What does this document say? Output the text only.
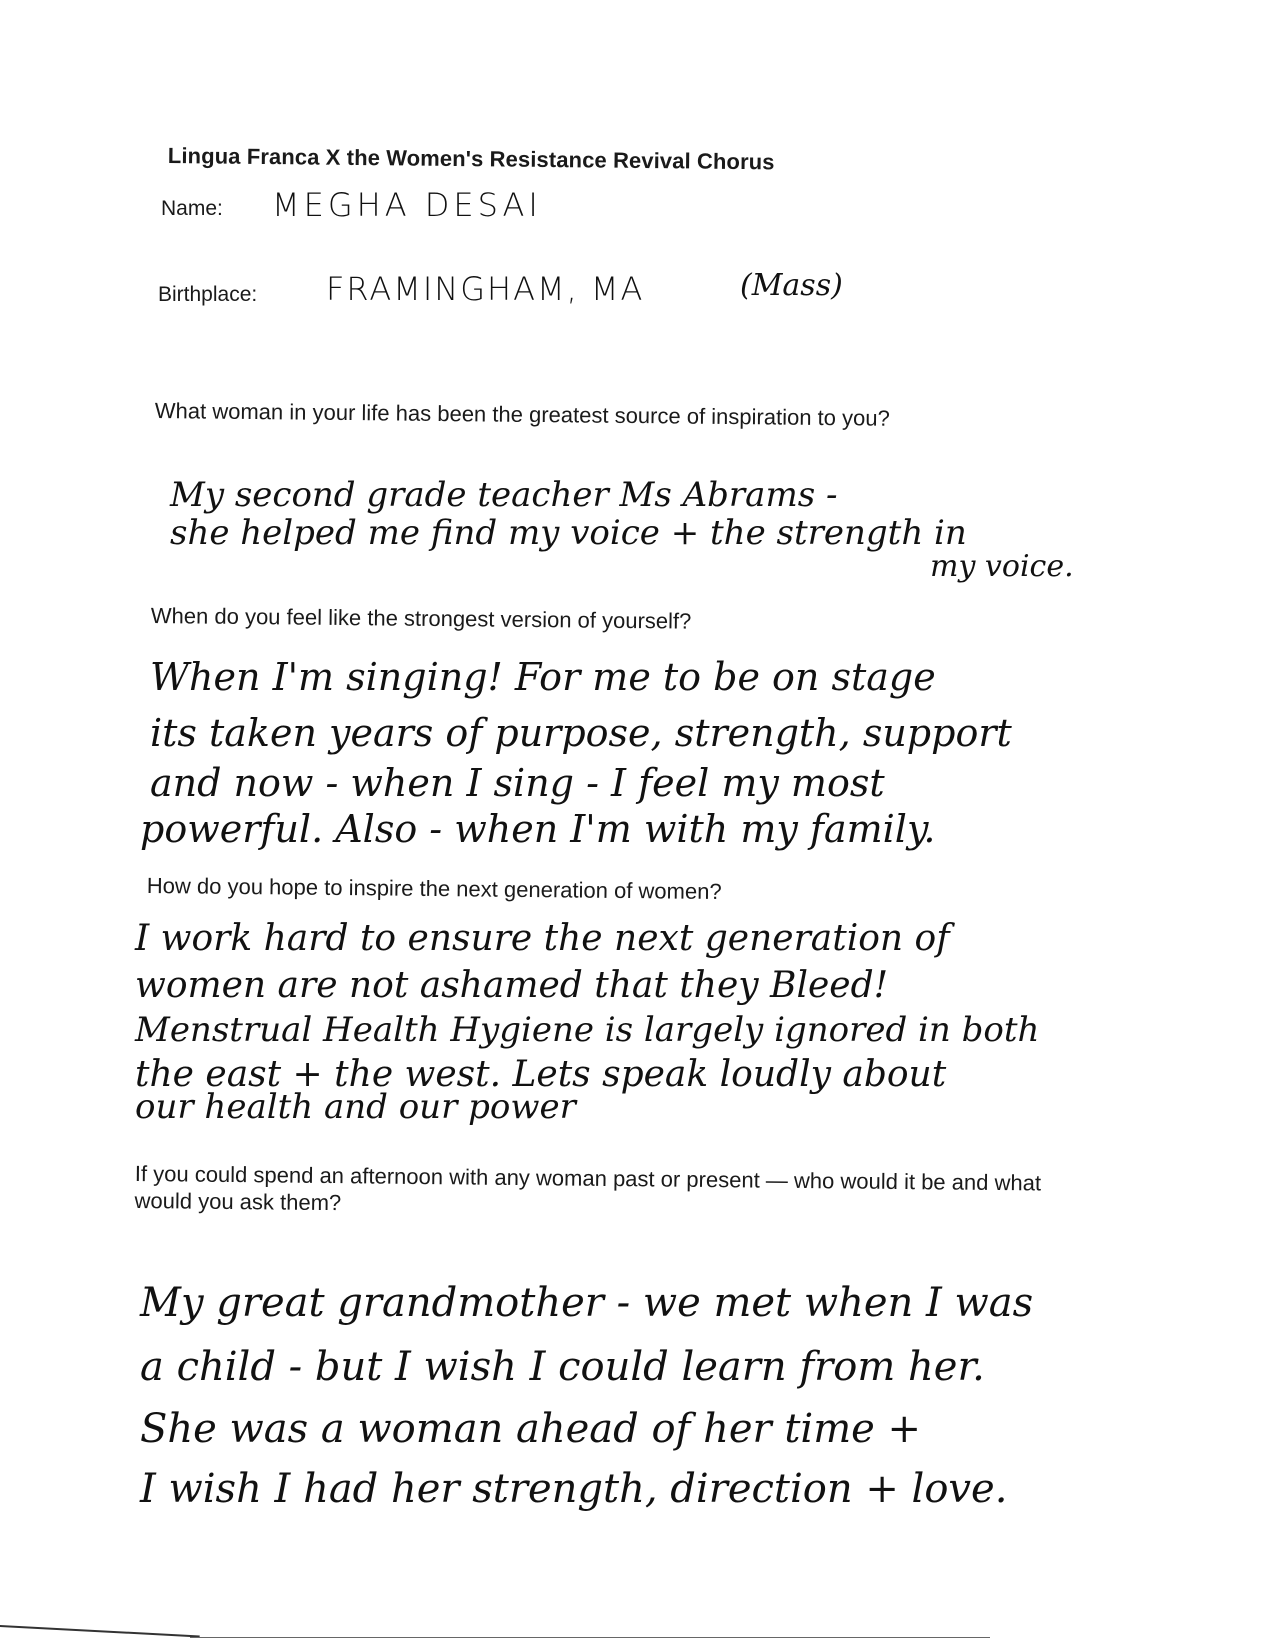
Lingua Franca X the Women's Resistance Revival Chorus
Name: MEGHA DESAI
Birthplace: FRAMINGHAM, MA	(Mass)
What woman in your life has been the greatest source of inspiration to you?
My second grade teacher Ms Abrams -
she helped me find my voice + the strength in
my voice.
When do you feel like the strongest version of yourself?
When I'm singing! For me to be on stage
its taken years of purpose, strength, support
and now - when I sing - I feel my most
powerful. Also - when I'm with my family.
How do you hope to inspire the next generation of women?
I work hard to ensure the next generation of
women are not ashamed that they Bleed!
Menstrual Health Hygiene is largely ignored in both
the east + the west. Lets speak loudly about
our health and our power
If you could spend an afternoon with any woman past or present — who would it be and what would you ask them?
My great grandmother - we met when I was
a child - but I wish I could learn from her.
She was a woman ahead of her time +
I wish I had her strength, direction + love.
